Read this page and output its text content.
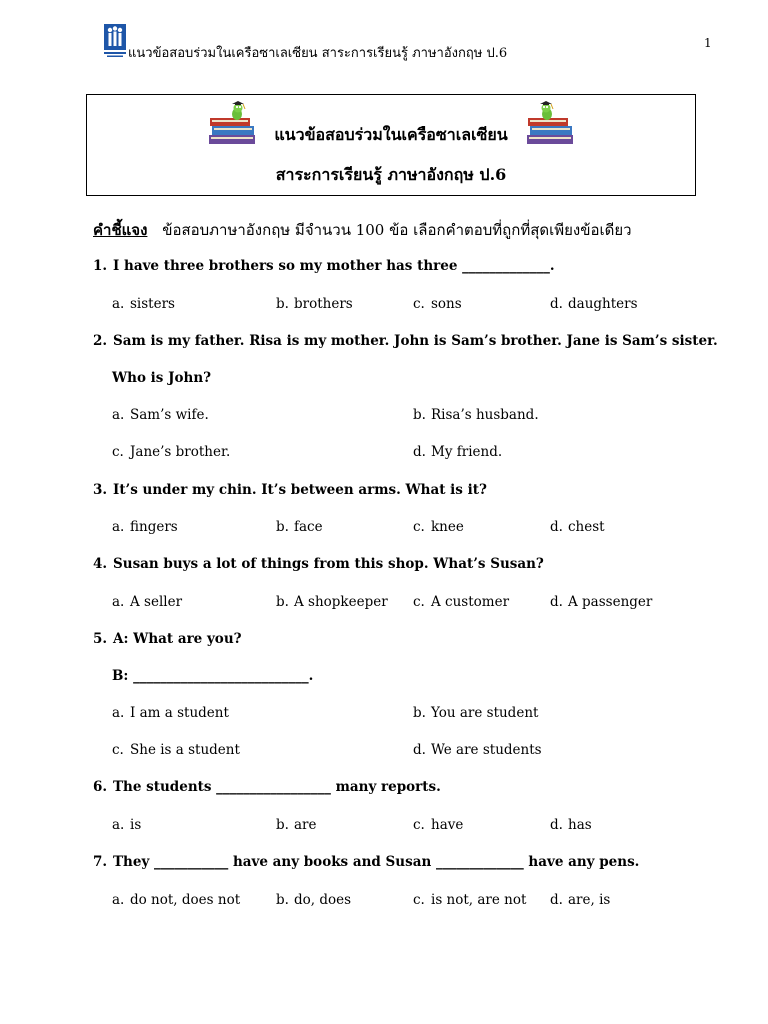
แนวข้อสอบร่วมในเครือซาเลเซียน สาระการเรียนรู้ ภาษาอังกฤษ ป.6
1
แนวข้อสอบร่วมในเครือซาเลเซียน
สาระการเรียนรู้ ภาษาอังกฤษ ป.6
คำชี้แจง ข้อสอบภาษาอังกฤษ มีจำนวน 100 ข้อ เลือกคำตอบที่ถูกที่สุดเพียงข้อเดียว
1. I have three brothers so my mother has three _____________.
a. sisters	b. brothers	c. sons	d. daughters
2. Sam is my father. Risa is my mother. John is Sam’s brother. Jane is Sam’s sister.
Who is John?
a. Sam’s wife.	b. Risa’s husband.
c. Jane’s brother.	d. My friend.
3. It’s under my chin. It’s between arms. What is it?
a. fingers	b. face	c. knee	d. chest
4. Susan buys a lot of things from this shop. What’s Susan?
a. A seller	b. A shopkeeper c. A customer	d. A passenger
5. A: What are you?
B: __________________________.
a. I am a student	b. You are student
c. She is a student	d. We are students
6. The students _________________ many reports.
a. is	b. are	c. have	d. has
7. They ___________ have any books and Susan _____________ have any pens.
a. do not, does not	b. do, does	c. is not, are not d. are, is
